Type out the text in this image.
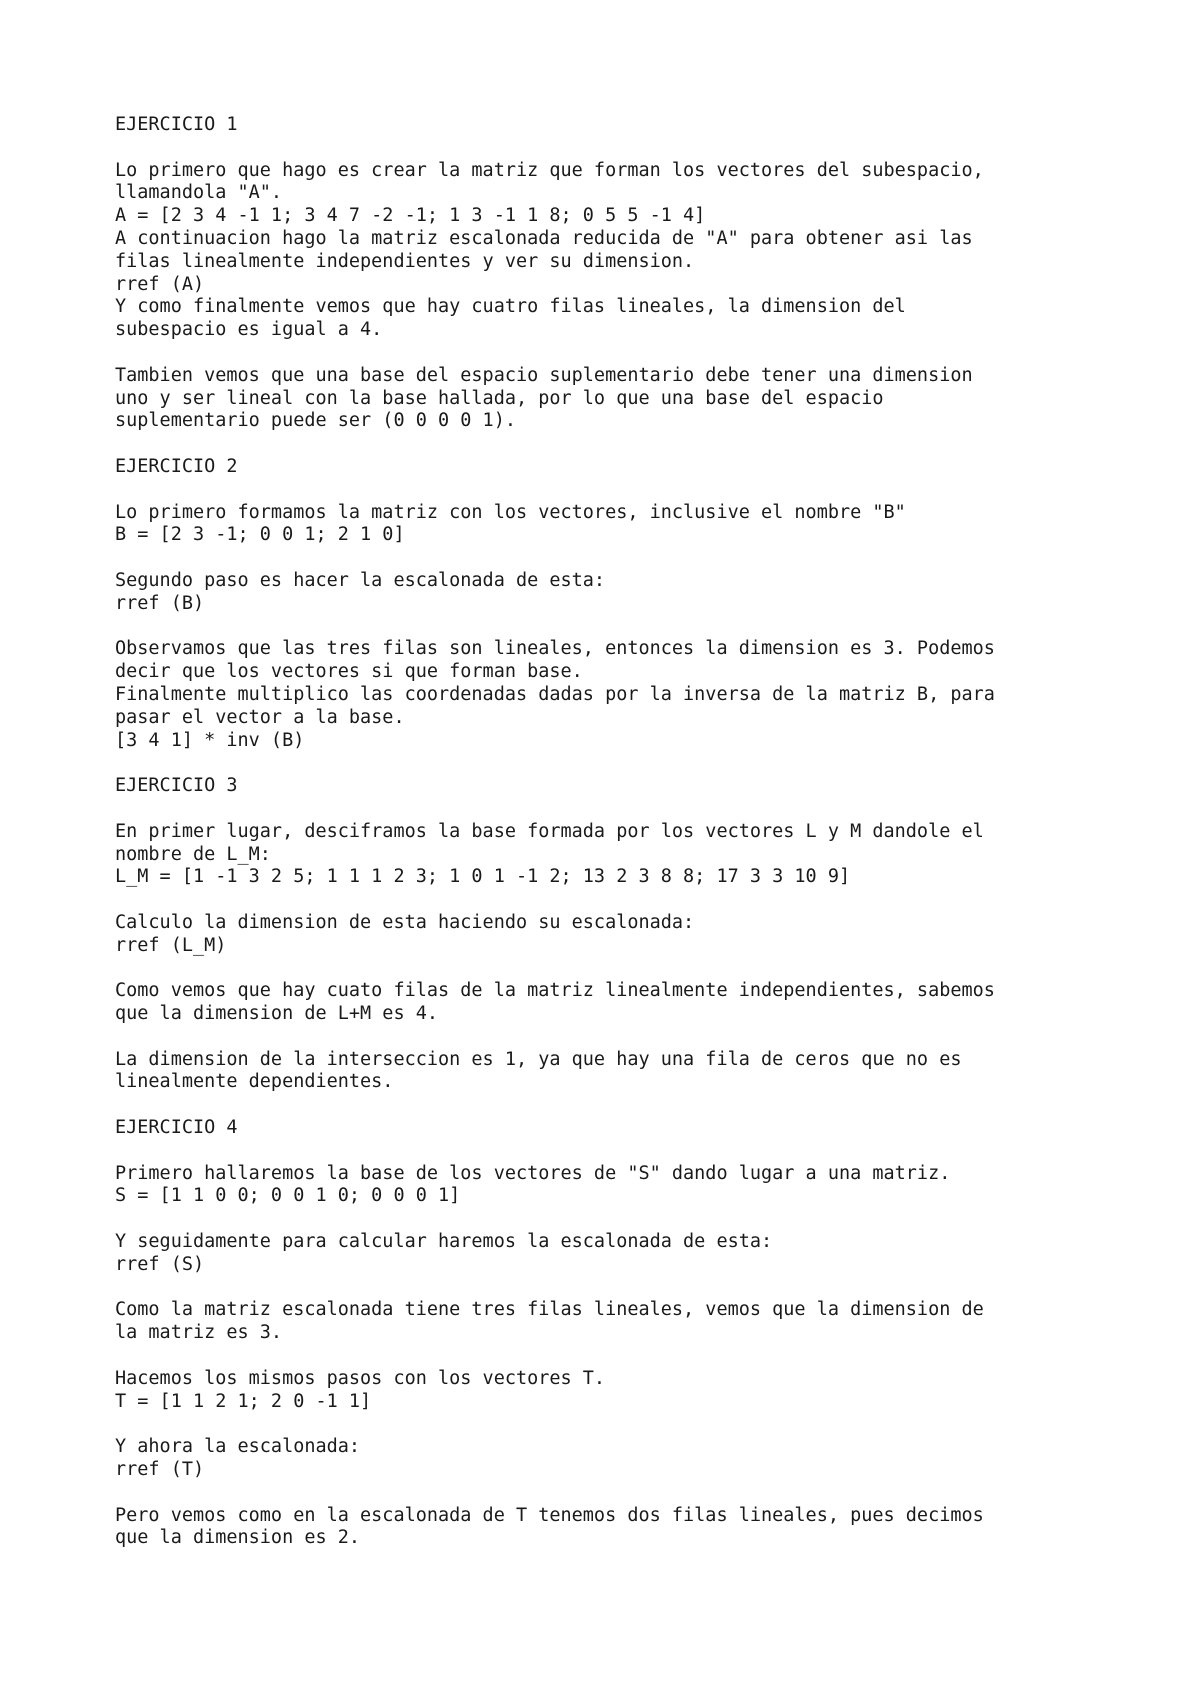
EJERCICIO 1
Lo primero que hago es crear la matriz que forman los vectores del subespacio,
llamandola "A".
A = [2 3 4 -1 1; 3 4 7 -2 -1; 1 3 -1 1 8; 0 5 5 -1 4]
A continuacion hago la matriz escalonada reducida de "A" para obtener asi las
filas linealmente independientes y ver su dimension.
rref (A)
Y como finalmente vemos que hay cuatro filas lineales, la dimension del
subespacio es igual a 4.
Tambien vemos que una base del espacio suplementario debe tener una dimension
uno y ser lineal con la base hallada, por lo que una base del espacio
suplementario puede ser (0 0 0 0 1).
EJERCICIO 2
Lo primero formamos la matriz con los vectores, inclusive el nombre "B"
B = [2 3 -1; 0 0 1; 2 1 0]
Segundo paso es hacer la escalonada de esta:
rref (B)
Observamos que las tres filas son lineales, entonces la dimension es 3. Podemos
decir que los vectores si que forman base.
Finalmente multiplico las coordenadas dadas por la inversa de la matriz B, para
pasar el vector a la base.
[3 4 1] * inv (B)
EJERCICIO 3
En primer lugar, desciframos la base formada por los vectores L y M dandole el
nombre de L_M:
L_M = [1 -1 3 2 5; 1 1 1 2 3; 1 0 1 -1 2; 13 2 3 8 8; 17 3 3 10 9]
Calculo la dimension de esta haciendo su escalonada:
rref (L_M)
Como vemos que hay cuato filas de la matriz linealmente independientes, sabemos
que la dimension de L+M es 4.
La dimension de la interseccion es 1, ya que hay una fila de ceros que no es
linealmente dependientes.
EJERCICIO 4
Primero hallaremos la base de los vectores de "S" dando lugar a una matriz.
S = [1 1 0 0; 0 0 1 0; 0 0 0 1]
Y seguidamente para calcular haremos la escalonada de esta:
rref (S)
Como la matriz escalonada tiene tres filas lineales, vemos que la dimension de
la matriz es 3.
Hacemos los mismos pasos con los vectores T.
T = [1 1 2 1; 2 0 -1 1]
Y ahora la escalonada:
rref (T)
Pero vemos como en la escalonada de T tenemos dos filas lineales, pues decimos
que la dimension es 2.
